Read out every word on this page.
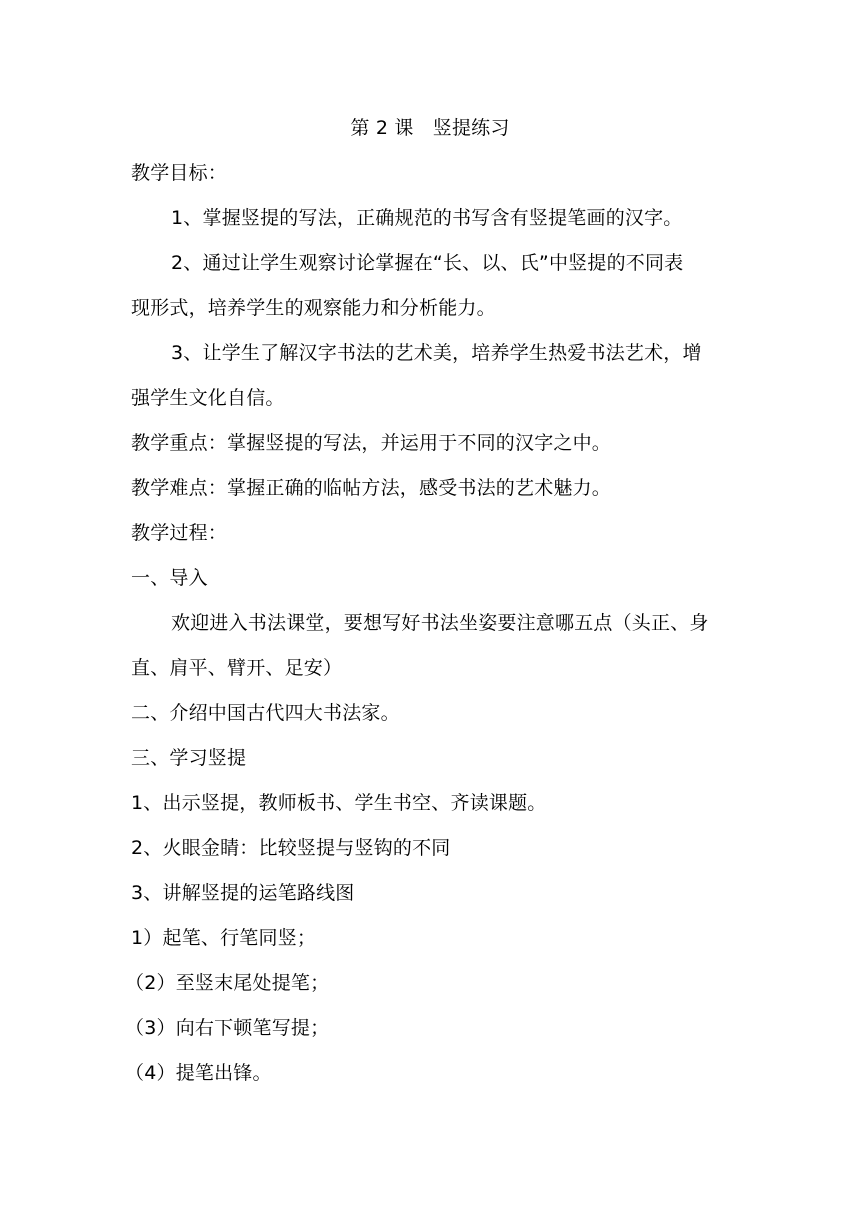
第 2 课　竖提练习
教学目标：
1、掌握竖提的写法，正确规范的书写含有竖提笔画的汉字。
2、通过让学生观察讨论掌握在“长、以、氏”中竖提的不同表
现形式，培养学生的观察能力和分析能力。
3、让学生了解汉字书法的艺术美，培养学生热爱书法艺术，增
强学生文化自信。
教学重点：掌握竖提的写法，并运用于不同的汉字之中。
教学难点：掌握正确的临帖方法，感受书法的艺术魅力。
教学过程：
一、导入
欢迎进入书法课堂，要想写好书法坐姿要注意哪五点（头正、身
直、肩平、臂开、足安）
二、介绍中国古代四大书法家。
三、学习竖提
1、出示竖提，教师板书、学生书空、齐读课题。
2、火眼金睛：比较竖提与竖钩的不同
3、讲解竖提的运笔路线图
1）起笔、行笔同竖；
（2）至竖末尾处提笔；
（3）向右下顿笔写提；
（4）提笔出锋。
